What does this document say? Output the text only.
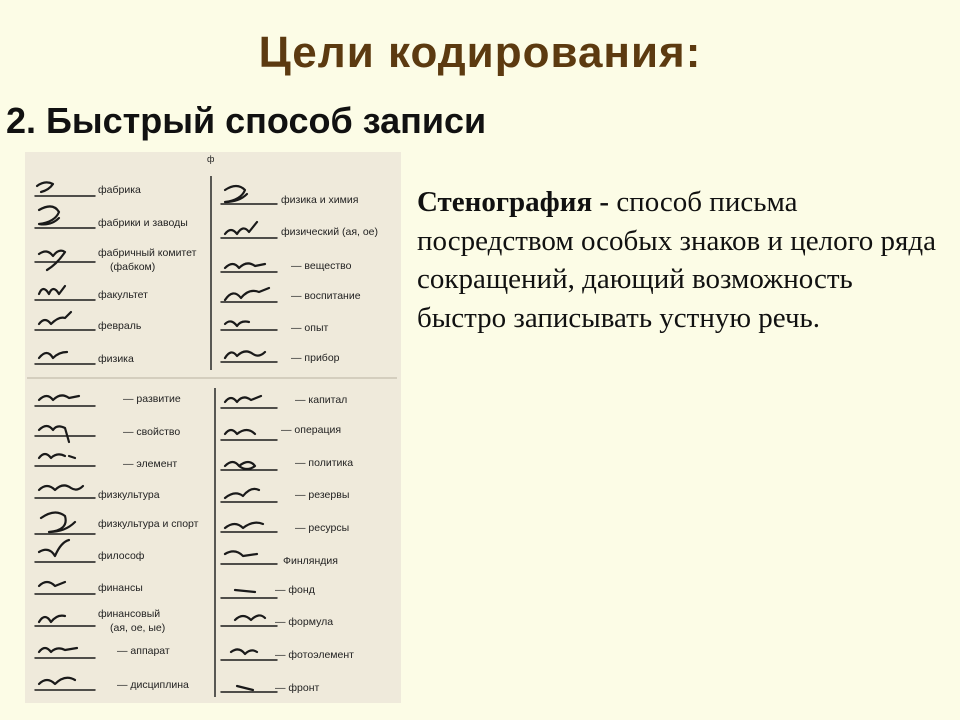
Цели кодирования:
2. Быстрый способ записи
ф
фабрика
фабрики и заводы
фабричный комитет
(фабком)
факультет
февраль
физика
физика и химия
физический (ая, ое)
— вещество
— воспитание
— опыт
— прибор
— развитие
— свойство
— элемент
физкультура
физкультура и спорт
философ
финансы
финансовый
(ая, ое, ые)
— аппарат
— дисциплина
— капитал
— операция
— политика
— резервы
— ресурсы
Финляндия
— фонд
— формула
— фотоэлемент
— фронт
Стенография - способ письма посредством особых знаков и целого ряда сокращений, дающий возможность быстро записывать устную речь.
